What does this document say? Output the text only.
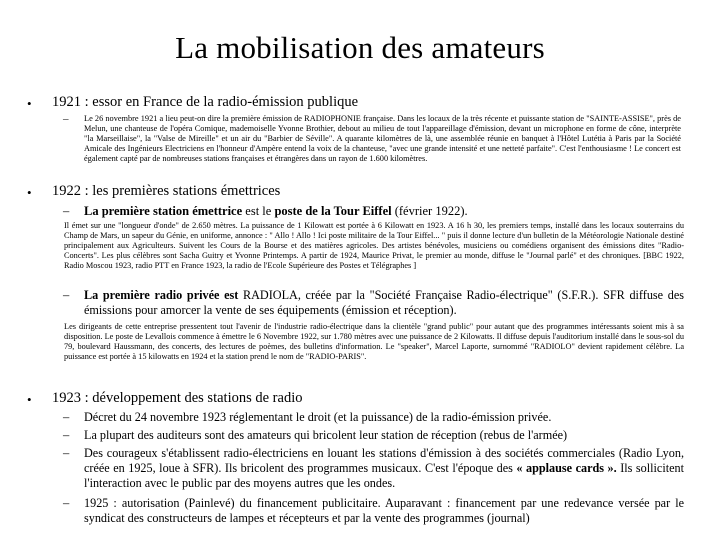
La mobilisation des amateurs
• 1921 : essor en France de la radio-émission publique
– Le 26 novembre 1921 a lieu peut-on dire la première émission de RADIOPHONIE française. Dans les locaux de la très récente et puissante station de "SAINTE-ASSISE", près de Melun, une chanteuse de l'opéra Comique, mademoiselle Yvonne Brothier, debout au milieu de tout l'appareillage d'émission, devant un microphone en forme de cône, interprète "la Marseillaise", la "Valse de Mireille" et un air du "Barbier de Séville". A quarante kilomètres de là, une assemblée réunie en banquet à l'Hôtel Lutétia à Paris par la Société Amicale des Ingénieurs Electriciens en l'honneur d'Ampère entend la voix de la chanteuse, "avec une grande intensité et une netteté parfaite". C'est l'enthousiasme ! Le concert est également capté par de nombreuses stations françaises et étrangères dans un rayon de 1.600 kilomètres.
• 1922 : les premières stations émettrices
– La première station émettrice est le poste de la Tour Eiffel (février 1922).
Il émet sur une "longueur d'onde" de 2.650 mètres. La puissance de 1 Kilowatt est portée à 6 Kilowatt en 1923. A 16 h 30, les premiers temps, installé dans les locaux souterrains du Champ de Mars, un sapeur du Génie, en uniforme, annonce : " Allo ! Allo ! Ici poste militaire de la Tour Eiffel... " puis il donne lecture d'un bulletin de la Météorologie Nationale destiné principalement aux Agriculteurs. Suivent les Cours de la Bourse et des matières agricoles. Des artistes bénévoles, musiciens ou comédiens organisent des émissions dites "Radio-Concerts". Les plus célèbres sont Sacha Guitry et Yvonne Printemps. A partir de 1924, Maurice Privat, le premier au monde, diffuse le "Journal parlé" et des chroniques. [BBC 1922, Radio Moscou 1923, radio PTT en France 1923, la radio de l'Ecole Supérieure des Postes et Télégraphes ]
– La première radio privée est RADIOLA, créée par la "Société Française Radio-électrique" (S.F.R.). SFR diffuse des émissions pour amorcer la vente de ses équipements (émission et réception).
Les dirigeants de cette entreprise pressentent tout l'avenir de l'industrie radio-électrique dans la clientèle "grand public" pour autant que des programmes intéressants soient mis à sa disposition. Le poste de Levallois commence à émettre le 6 Novembre 1922, sur 1.780 mètres avec une puissance de 2 Kilowatts. Il diffuse depuis l'auditorium installé dans le sous-sol du 79, boulevard Haussmann, des concerts, des lectures de poèmes, des bulletins d'information. Le "speaker", Marcel Laporte, surnommé "RADIOLO" devient rapidement célèbre. La puissance est portée à 15 kilowatts en 1924 et la station prend le nom de "RADIO-PARIS".
• 1923 : développement des stations de radio
– Décret du 24 novembre 1923 réglementant le droit (et la puissance) de la radio-émission privée.
– La plupart des auditeurs sont des amateurs qui bricolent leur station de réception (rebus de l'armée)
– Des courageux s'établissent radio-électriciens en louant les stations d'émission à des sociétés commerciales (Radio Lyon, créée en 1925, loue à SFR). Ils bricolent des programmes musicaux. C'est l'époque des « applause cards ». Ils sollicitent l'interaction avec le public par des moyens autres que les ondes.
– 1925 : autorisation (Painlevé) du financement publicitaire. Auparavant : financement par une redevance versée par le syndicat des constructeurs de lampes et récepteurs et par la vente des programmes (journal)
